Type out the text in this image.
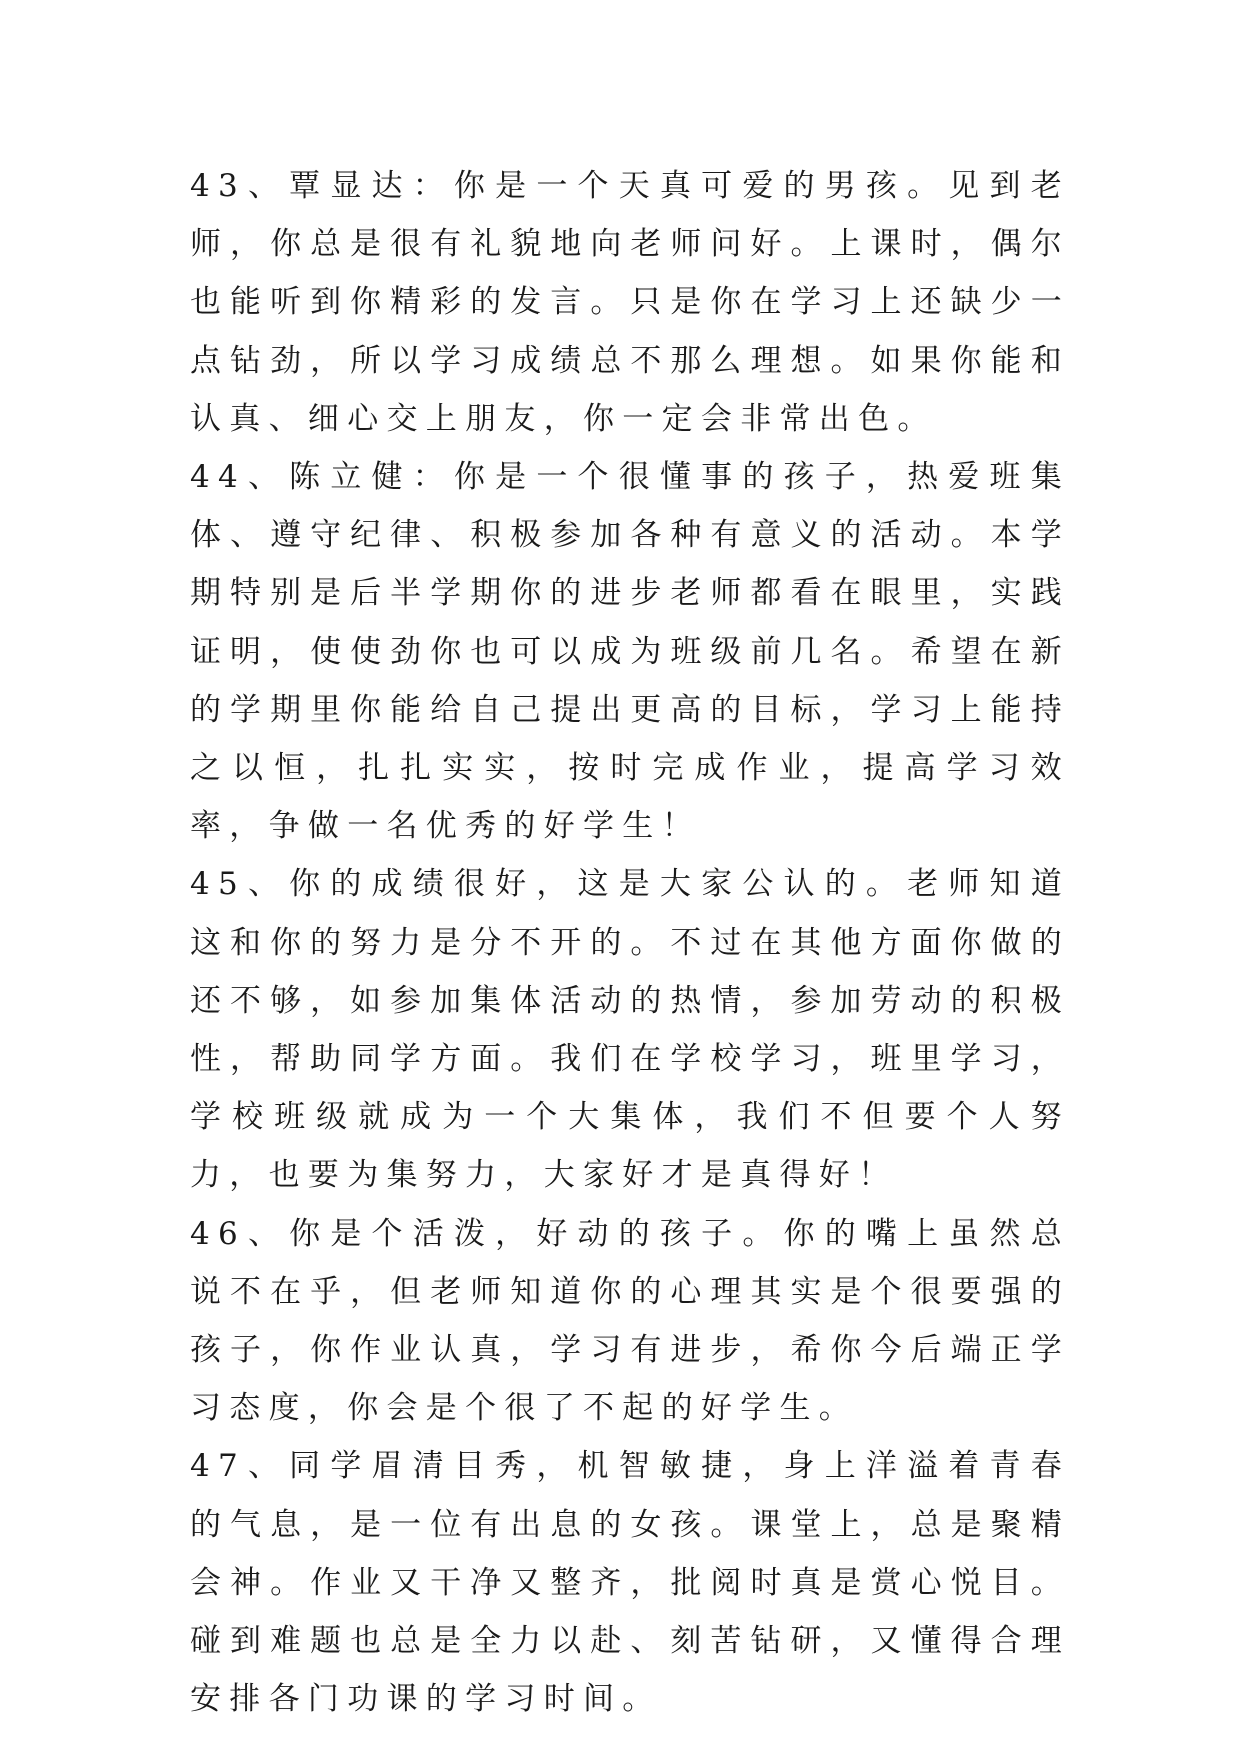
43、覃显达：你是一个天真可爱的男孩。见到老师，你总是很有礼貌地向老师问好。上课时，偶尔也能听到你精彩的发言。只是你在学习上还缺少一点钻劲，所以学习成绩总不那么理想。如果你能和认真、细心交上朋友，你一定会非常出色。

44、陈立健：你是一个很懂事的孩子，热爱班集体、遵守纪律、积极参加各种有意义的活动。本学期特别是后半学期你的进步老师都看在眼里，实践证明，使使劲你也可以成为班级前几名。希望在新的学期里你能给自己提出更高的目标，学习上能持之以恒，扎扎实实，按时完成作业，提高学习效率，争做一名优秀的好学生！

45、你的成绩很好，这是大家公认的。老师知道这和你的努力是分不开的。不过在其他方面你做的还不够，如参加集体活动的热情，参加劳动的积极性，帮助同学方面。我们在学校学习，班里学习，学校班级就成为一个大集体，我们不但要个人努力，也要为集努力，大家好才是真得好！

46、你是个活泼，好动的孩子。你的嘴上虽然总说不在乎，但老师知道你的心理其实是个很要强的孩子，你作业认真，学习有进步，希你今后端正学习态度，你会是个很了不起的好学生。

47、同学眉清目秀，机智敏捷，身上洋溢着青春的气息，是一位有出息的女孩。课堂上，总是聚精会神。作业又干净又整齐，批阅时真是赏心悦目。碰到难题也总是全力以赴、刻苦钻研，又懂得合理安排各门功课的学习时间。
